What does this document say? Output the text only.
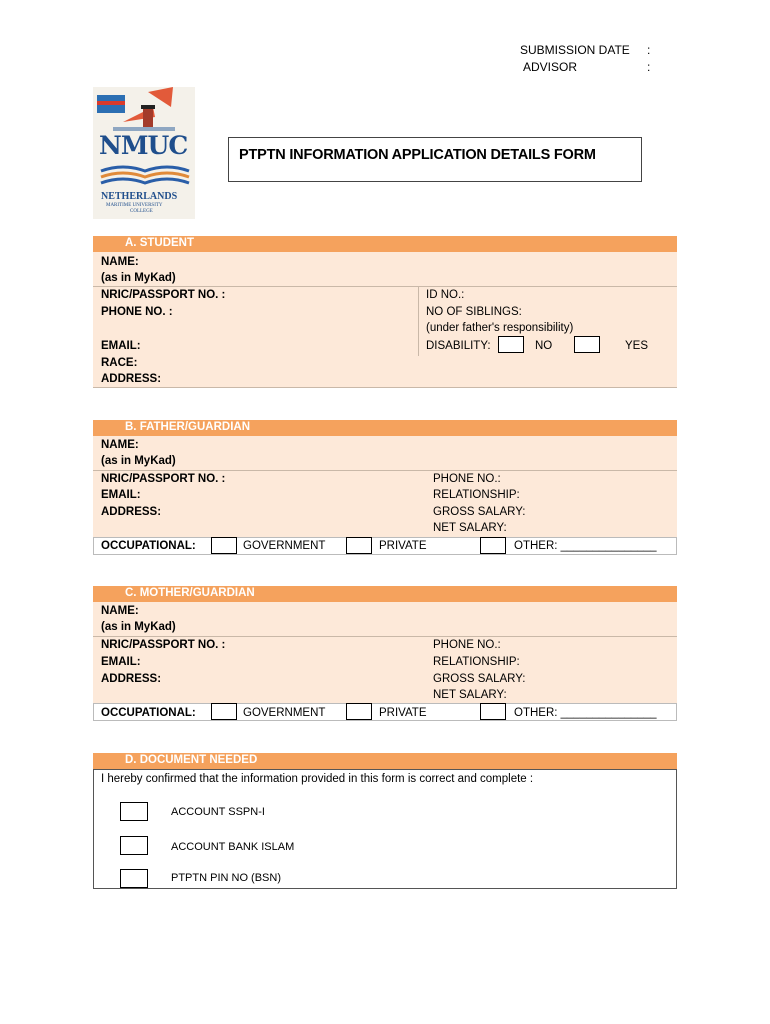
SUBMISSION DATE :
ADVISOR	:
NMUC
NETHERLANDS
MARITIME UNIVERSITY
COLLEGE
PTPTN INFORMATION APPLICATION DETAILS FORM
A. STUDENT
NAME:
(as in MyKad)
NRIC/PASSPORT NO. :	ID NO.:
PHONE NO. :	NO OF SIBLINGS:
(under father's responsibility)
EMAIL:	DISABILITY:	NO	YES
RACE:
ADDRESS:
B. FATHER/GUARDIAN
NAME:
(as in MyKad)
NRIC/PASSPORT NO. :	PHONE NO.:
EMAIL:	RELATIONSHIP:
ADDRESS:	GROSS SALARY:
NET SALARY:
OCCUPATIONAL:	GOVERNMENT	PRIVATE	OTHER: _______________
C. MOTHER/GUARDIAN
NAME:
(as in MyKad)
NRIC/PASSPORT NO. :	PHONE NO.:
EMAIL:	RELATIONSHIP:
ADDRESS:	GROSS SALARY:
NET SALARY:
OCCUPATIONAL:	GOVERNMENT	PRIVATE	OTHER: _______________
D. DOCUMENT NEEDED
I hereby confirmed that the information provided in this form is correct and complete :
ACCOUNT SSPN-I
ACCOUNT BANK ISLAM
PTPTN PIN NO (BSN)
